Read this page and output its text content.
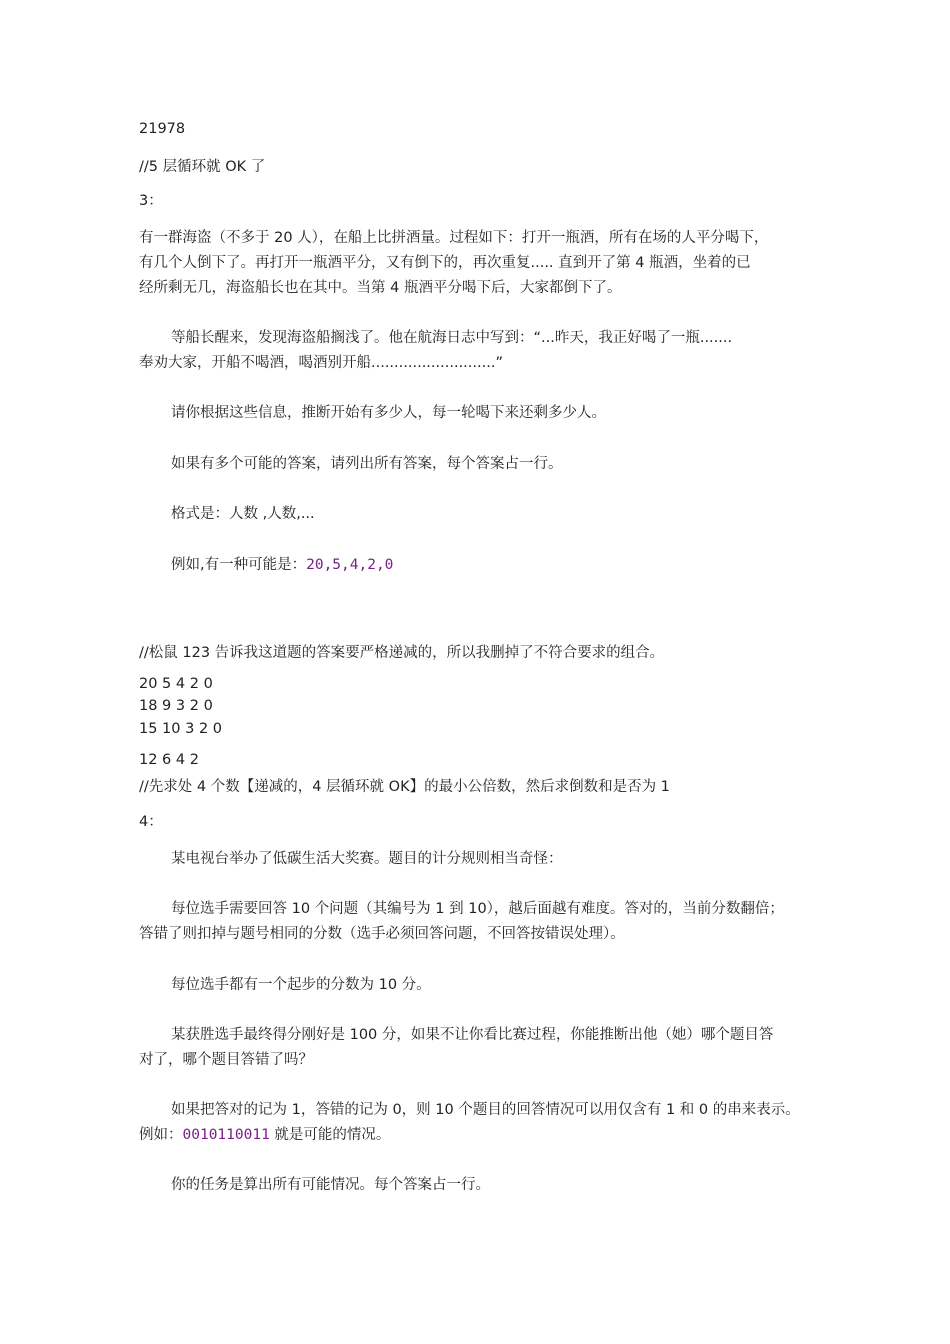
21978
//5 层循环就 OK 了
3：
有一群海盗（不多于 20 人），在船上比拼酒量。过程如下：打开一瓶酒，所有在场的人平分喝下，
有几个人倒下了。再打开一瓶酒平分，又有倒下的，再次重复..... 直到开了第 4 瓶酒，坐着的已
经所剩无几，海盗船长也在其中。当第 4 瓶酒平分喝下后，大家都倒下了。
等船长醒来，发现海盗船搁浅了。他在航海日志中写到：“...昨天，我正好喝了一瓶.......
奉劝大家，开船不喝酒，喝酒别开船...........................”
请你根据这些信息，推断开始有多少人，每一轮喝下来还剩多少人。
如果有多个可能的答案，请列出所有答案，每个答案占一行。
格式是：人数 ,人数,...
例如,有一种可能是：20,5,4,2,0
//松鼠 123 告诉我这道题的答案要严格递减的，所以我删掉了不符合要求的组合。
20 5 4 2 0
18 9 3 2 0
15 10 3 2 0
12 6 4 2
//先求处 4 个数【递减的，4 层循环就 OK】的最小公倍数，然后求倒数和是否为 1
4：
某电视台举办了低碳生活大奖赛。题目的计分规则相当奇怪：
每位选手需要回答 10 个问题（其编号为 1 到 10），越后面越有难度。答对的，当前分数翻倍；
答错了则扣掉与题号相同的分数（选手必须回答问题，不回答按错误处理）。
每位选手都有一个起步的分数为 10 分。
某获胜选手最终得分刚好是 100 分，如果不让你看比赛过程，你能推断出他（她）哪个题目答
对了，哪个题目答错了吗？
如果把答对的记为 1，答错的记为 0，则 10 个题目的回答情况可以用仅含有 1 和 0 的串来表示。
例如：0010110011 就是可能的情况。
你的任务是算出所有可能情况。每个答案占一行。
